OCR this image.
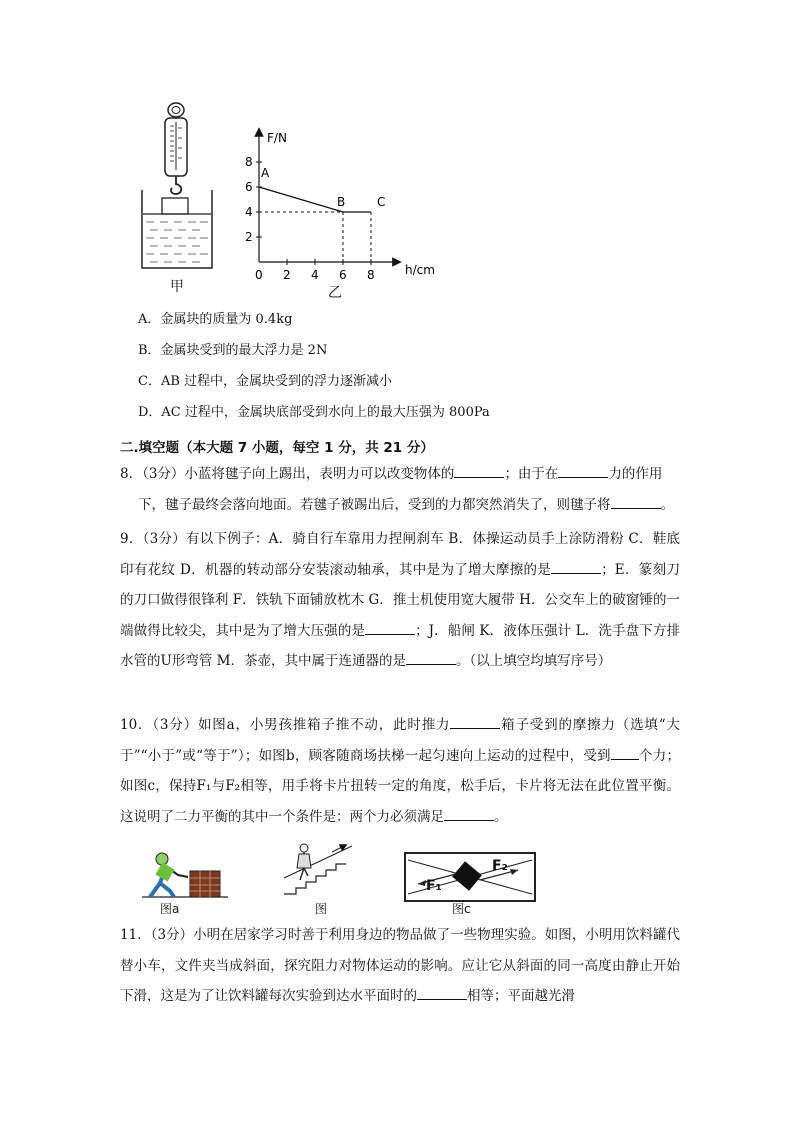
甲
F/N
h/cm
8
6
4
2
0 2 4 6 8
A
B	C
乙
A．金属块的质量为 0.4kg
B．金属块受到的最大浮力是 2N
C．AB 过程中，金属块受到的浮力逐渐减小
D．AC 过程中，金属块底部受到水向上的最大压强为 800Pa
二.填空题（本大题 7 小题，每空 1 分，共 21 分）
8．（3分）小蓝将毽子向上踢出，表明力可以改变物体的	；由于在	力的作用
下，毽子最终会落向地面。若毽子被踢出后，受到的力都突然消失了，则毽子将	。
9．（3分）有以下例子：A．骑自行车靠用力捏闸刹车 B．体操运动员手上涂防滑粉 C．鞋底印有花纹 D．机器的转动部分安装滚动轴承，其中是为了增大摩擦的是	；E．篆刻刀的刀口做得很锋利 F．铁轨下面铺放枕木 G．推土机使用宽大履带 H．公交车上的破窗锤的一端做得比较尖，其中是为了增大压强的是	；J．船闸 K．液体压强计 L．洗手盘下方排水管的U形弯管 M．茶壶，其中属于连通器的是	。（以上填空均填写序号）
10．（3分）如图a，小男孩推箱子推不动，此时推力	箱子受到的摩擦力（选填“大于”“小于”或“等于”）；如图b，顾客随商场扶梯一起匀速向上运动的过程中，受到 个力；如图c，保持F₁与F₂相等，用手将卡片扭转一定的角度，松手后，卡片将无法在此位置平衡。这说明了二力平衡的其中一个条件是：两个力必须满足	。
图a	图
F₁
F₂
图c
11．（3分）小明在居家学习时善于利用身边的物品做了一些物理实验。如图，小明用饮料罐代替小车，文件夹当成斜面，探究阻力对物体运动的影响。应让它从斜面的同一高度由静止开始下滑，这是为了让饮料罐每次实验到达水平面时的	相等；平面越光滑
